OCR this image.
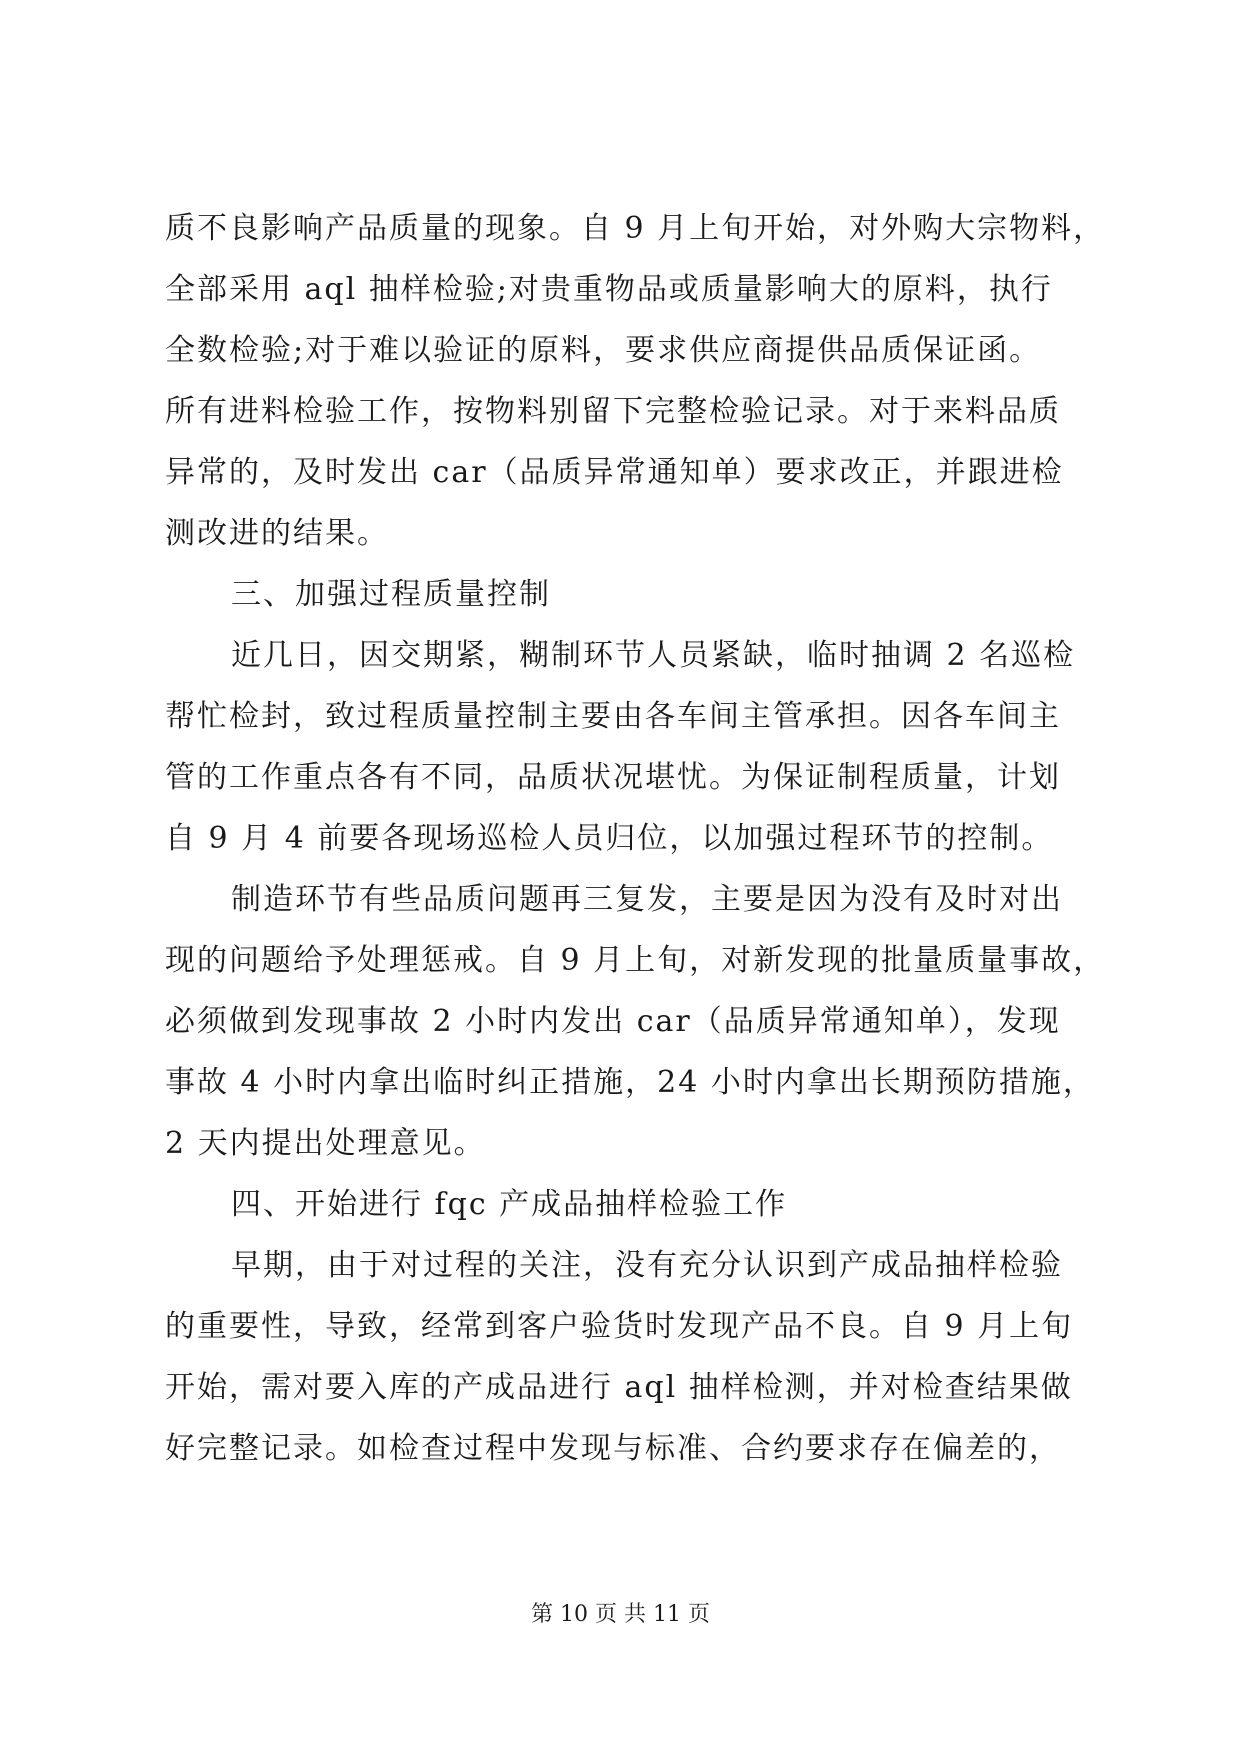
质不良影响产品质量的现象。自 9 月上旬开始，对外购大宗物料，
全部采用 aql 抽样检验;对贵重物品或质量影响大的原料，执行
全数检验;对于难以验证的原料，要求供应商提供品质保证函。
所有进料检验工作，按物料别留下完整检验记录。对于来料品质
异常的，及时发出 car（品质异常通知单）要求改正，并跟进检
测改进的结果。
三、加强过程质量控制
近几日，因交期紧，糊制环节人员紧缺，临时抽调 2 名巡检
帮忙检封，致过程质量控制主要由各车间主管承担。因各车间主
管的工作重点各有不同，品质状况堪忧。为保证制程质量，计划
自 9 月 4 前要各现场巡检人员归位，以加强过程环节的控制。
制造环节有些品质问题再三复发，主要是因为没有及时对出
现的问题给予处理惩戒。自 9 月上旬，对新发现的批量质量事故，
必须做到发现事故 2 小时内发出 car（品质异常通知单），发现
事故 4 小时内拿出临时纠正措施，24 小时内拿出长期预防措施，
2 天内提出处理意见。
四、开始进行 fqc 产成品抽样检验工作
早期，由于对过程的关注，没有充分认识到产成品抽样检验
的重要性，导致，经常到客户验货时发现产品不良。自 9 月上旬
开始，需对要入库的产成品进行 aql 抽样检测，并对检查结果做
好完整记录。如检查过程中发现与标准、合约要求存在偏差的，
第 10 页 共 11 页
